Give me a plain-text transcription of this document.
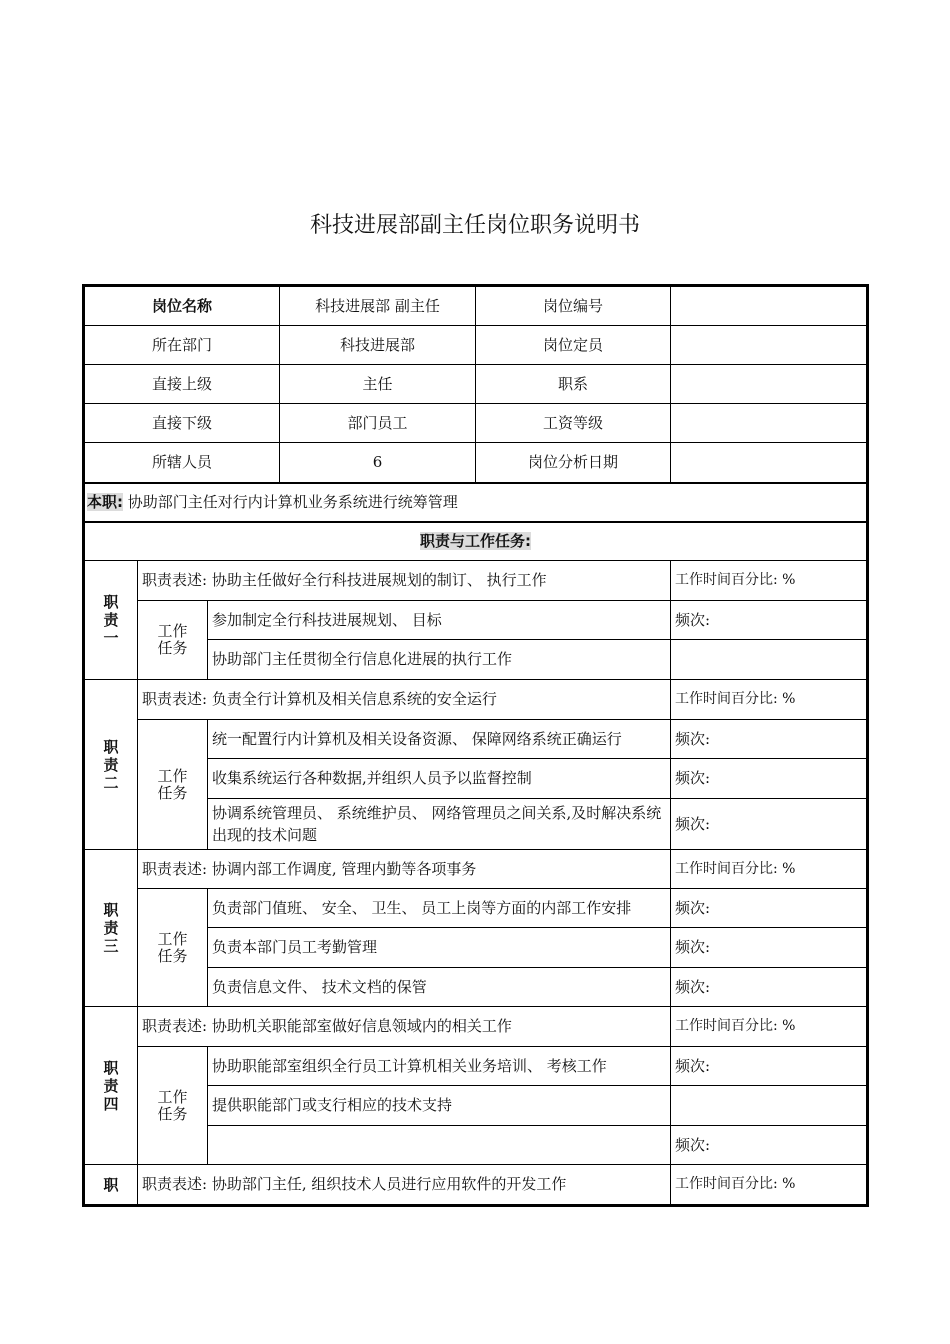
科技进展部副主任岗位职务说明书
岗位名称			科技进展部 副主任	岗位编号	
所在部门			科技进展部	岗位定员	
直接上级			主任	职系	
直接下级			部门员工	工资等级	
所辖人员			6	岗位分析日期	
本职: 协助部门主任对行内计算机业务系统进行统筹管理					
职责与工作任务:					
职
责
一	职责表述: 协助主任做好全行科技进展规划的制订、 执行工作				工作时间百分比: %
	工作
任务	参加制定全行科技进展规划、 目标			频次:
		协助部门主任贯彻全行信息化进展的执行工作			
职
责
二	职责表述: 负责全行计算机及相关信息系统的安全运行				工作时间百分比: %
	工作
任务	统一配置行内计算机及相关设备资源、 保障网络系统正确运行			频次:
		收集系统运行各种数据,并组织人员予以监督控制			频次:
		协调系统管理员、 系统维护员、 网络管理员之间关系,及时解决系统出现的技术问题			频次:
职
责
三	职责表述: 协调内部工作调度, 管理内勤等各项事务				工作时间百分比: %
	工作
任务	负责部门值班、 安全、 卫生、 员工上岗等方面的内部工作安排			频次:
		负责本部门员工考勤管理			频次:
		负责信息文件、 技术文档的保管			频次:
职
责
四	职责表述: 协助机关职能部室做好信息领域内的相关工作				工作时间百分比: %
	工作
任务	协助职能部室组织全行员工计算机相关业务培训、 考核工作			频次:
		提供职能部门或支行相应的技术支持			
					频次:
职	职责表述: 协助部门主任, 组织技术人员进行应用软件的开发工作				工作时间百分比: %
